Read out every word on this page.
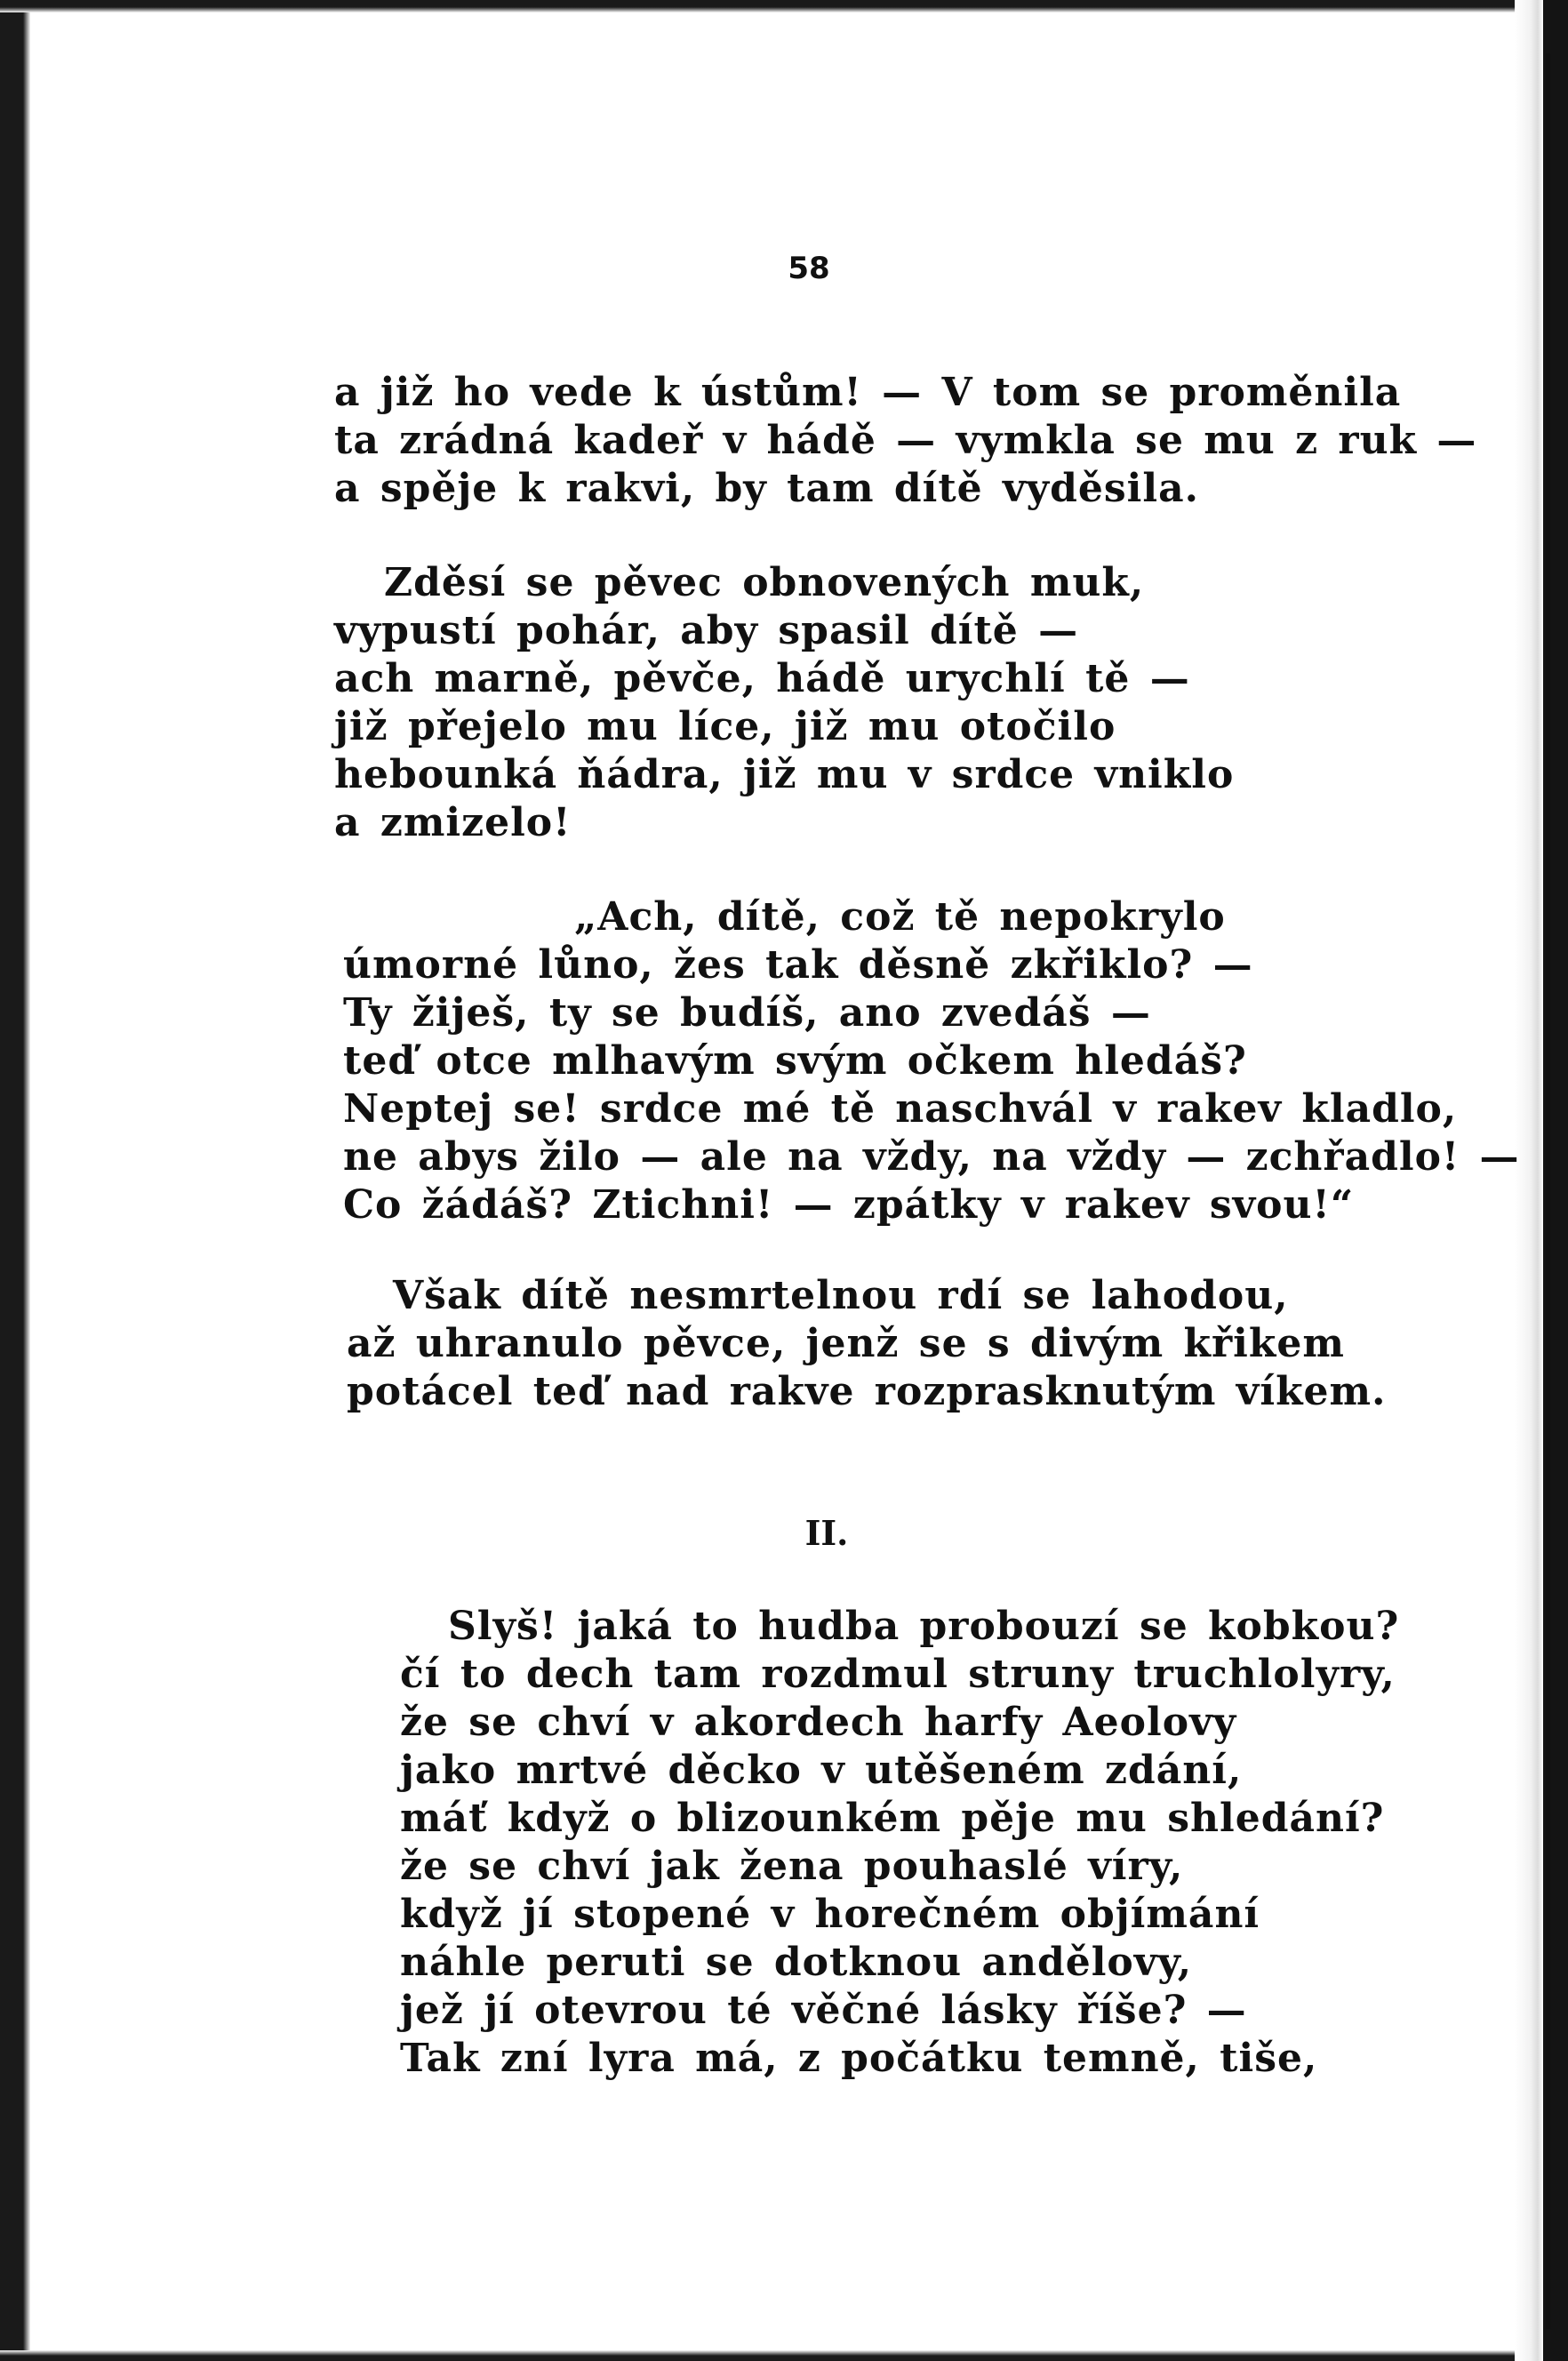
58
a již ho vede k ústům! — V tom se proměnila
ta zrádná kadeř v hádě — vymkla se mu z ruk —
a spěje k rakvi, by tam dítě vyděsila.
Zděsí se pěvec obnovených muk,
vypustí pohár, aby spasil dítě —
ach marně, pěvče, hádě urychlí tě —
již přejelo mu líce, již mu otočilo
hebounká ňádra, již mu v srdce vniklo
a zmizelo!
„Ach, dítě, což tě nepokrylo
úmorné lůno, žes tak děsně zkřiklo? —
Ty žiješ, ty se budíš, ano zvedáš —
teď otce mlhavým svým očkem hledáš?
Neptej se! srdce mé tě naschvál v rakev kladlo,
ne abys žilo — ale na vždy, na vždy — zchřadlo! —
Co žádáš? Ztichni! — zpátky v rakev svou!“
Však dítě nesmrtelnou rdí se lahodou,
až uhranulo pěvce, jenž se s divým křikem
potácel teď nad rakve rozprasknutým víkem.
II.
Slyš! jaká to hudba probouzí se kobkou?
čí to dech tam rozdmul struny truchlolyry,
že se chví v akordech harfy Aeolovy
jako mrtvé děcko v utěšeném zdání,
máť když o blizounkém pěje mu shledání?
že se chví jak žena pouhaslé víry,
když jí stopené v horečném objímání
náhle peruti se dotknou andělovy,
jež jí otevrou té věčné lásky říše? —
Tak zní lyra má, z počátku temně, tiše,
